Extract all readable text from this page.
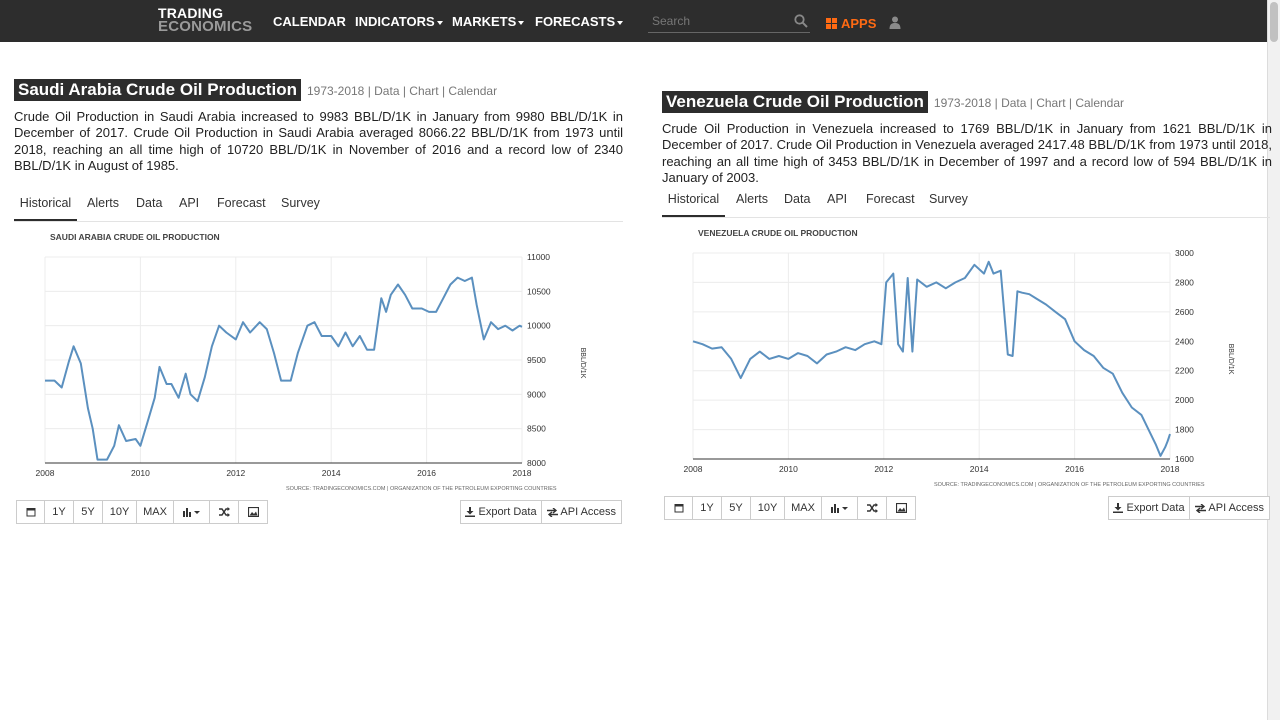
TRADING
ECONOMICS CALENDAR INDICATORS	MARKETS	FORECASTS
Search	APPS
Saudi Arabia Crude Oil Production 1973-2018 | Data | Chart | Calendar
Crude Oil Production in Saudi Arabia increased to 9983 BBL/D/1K in January from 9980 BBL/D/1K in December of 2017. Crude Oil Production in Saudi Arabia averaged 8066.22 BBL/D/1K from 1973 until 2018, reaching an all time high of 10720 BBL/D/1K in November of 2016 and a record low of 2340 BBL/D/1K in August of 1985.
Historical	Alerts Data API Forecast Survey
SAUDI ARABIA CRUDE OIL PRODUCTION
2008	2010	2012	2014	2016	2018
8000
8500
9000
9500
10000
10500
11000
BBL/D/1K
SOURCE: TRADINGECONOMICS.COM | ORGANIZATION OF THE PETROLEUM EXPORTING COUNTRIES
1Y	5Y	10Y	MAX	Export Data	API Access
Venezuela Crude Oil Production 1973-2018 | Data | Chart | Calendar
Crude Oil Production in Venezuela increased to 1769 BBL/D/1K in January from 1621 BBL/D/1K in December of 2017. Crude Oil Production in Venezuela averaged 2417.48 BBL/D/1K from 1973 until 2018, reaching an all time high of 3453 BBL/D/1K in December of 1997 and a record low of 594 BBL/D/1K in January of 2003.
Historical	Alerts Data API Forecast Survey
VENEZUELA CRUDE OIL PRODUCTION
2008	2010	2012	2014	2016	2018
1600
1800
2000
2200
2400
2600
2800
3000
BBL/D/1K
SOURCE: TRADINGECONOMICS.COM | ORGANIZATION OF THE PETROLEUM EXPORTING COUNTRIES
1Y	5Y	10Y	MAX	Export Data	API Access
